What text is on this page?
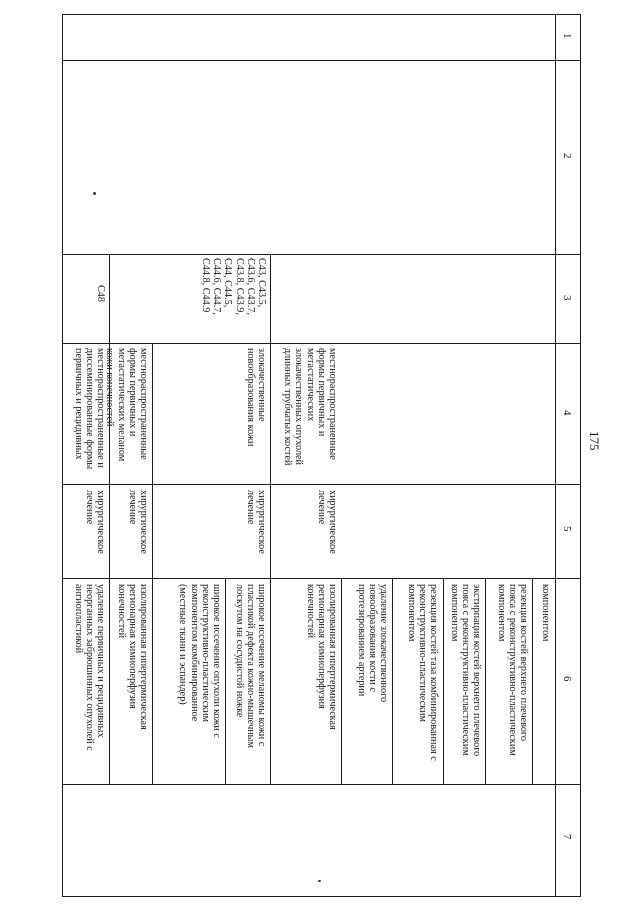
1
2
3
4
5
6
7
175
компонентом
резекция костей верхнего плечевого
пояса с реконструктивно-пластическим
компонентом
экстирпация костей верхнего плечевого
пояса с реконструктивно-пластическим
компонентом
резекция костей таза комбинированная с
реконструктивно-пластическим
компонентом
удаление злокачественного
новообразования кости с
протезированием артерии
изолированная гипертермическая
регионарная химиоперфузия
конечностей
широкое иссечение меланомы кожи с
пластикой дефекта кожно-мышечным
лоскутом на сосудистой ножке
широкое иссечение опухоли кожи с
реконструктивно-пластическим
компонентом комбинированное
(местные ткани и эспандер)
изолированная гипертермическая
регионарная химиоперфузия
конечностей
удаление первичных и рецидивных
неорганных забрюшинных опухолей с
ангиопластикой
хирургическое
лечение
хирургическое
лечение
хирургическое
лечение
хирургическое
лечение
местнораспространенные
формы первичных и
метастатических
злокачественных опухолей
длинных трубчатых костей
злокачественные
новообразования кожи
местнораспространенные
формы первичных и
метастатических меланом
кожи конечностей
местнораспространенные и
диссеминированные формы
первичных и рецидивных
C43, C43.5,
C43.6, C43.7,
C43.8, C43.9,
C44, C44.5,
C44.6, C44.7,
C44.8, C44.9
C48
